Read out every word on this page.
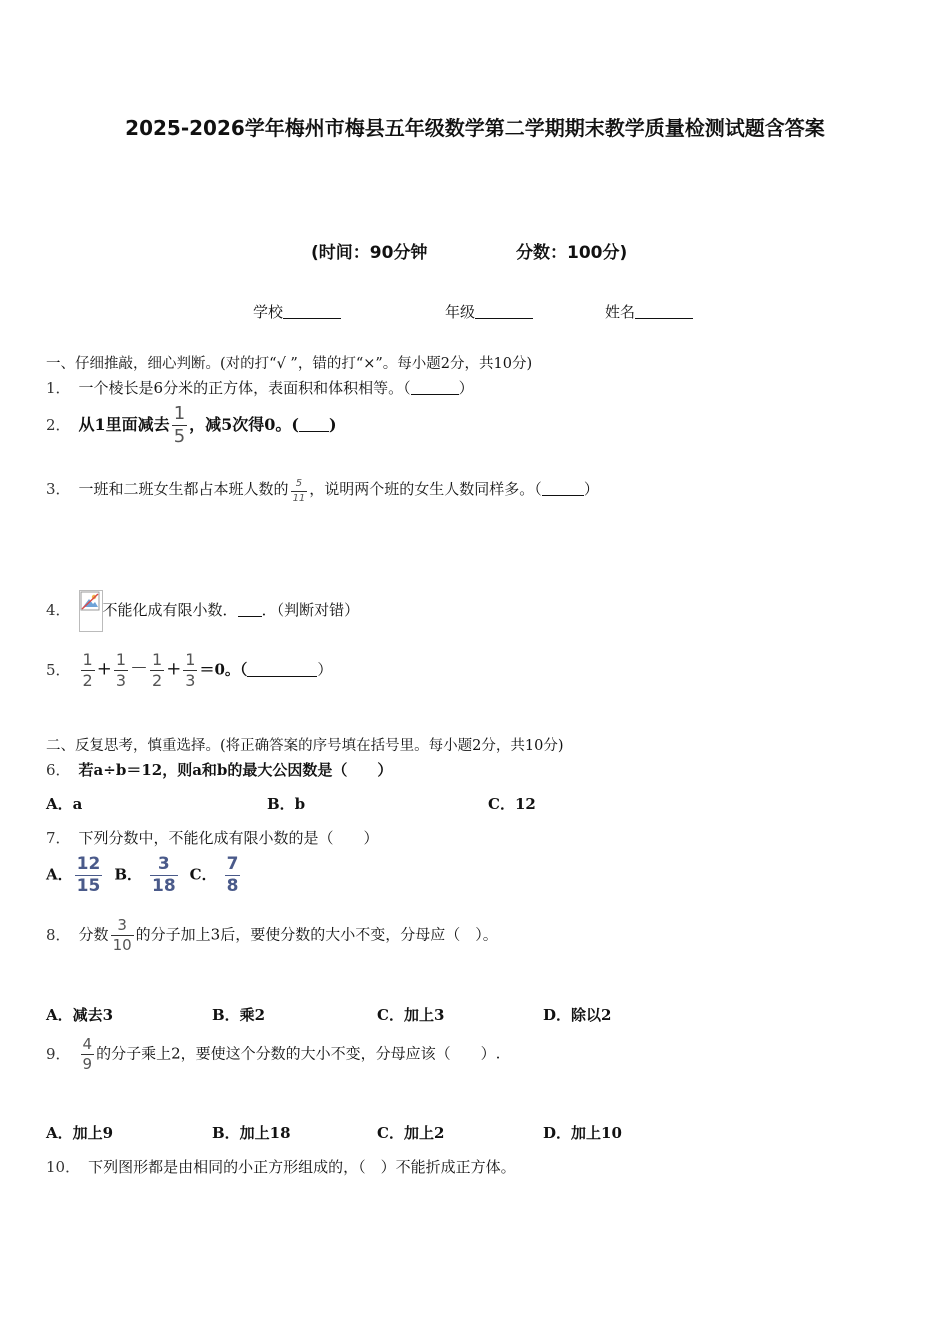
2025-2026学年梅州市梅县五年级数学第二学期期末教学质量检测试题含答案
(时间：90分钟	分数：100分)
学校	年级	姓名
一、仔细推敲，细心判断。(对的打“√ ”，错的打“×”。每小题2分，共10分)
1． 一个棱长是6分米的正方体，表面积和体积相等。（	）
2． 从1里面减去 $\frac{1}{5}$ ，减5次得0。( )
3． 一班和二班女生都占本班人数的 $\frac{5}{11}$ ，说明两个班的女生人数同样多。（	）
4． 不能化成有限小数． ．（判断对错）
5． $\frac{1}{2} + \frac{1}{3} - \frac{1}{2} + \frac{1}{3} =0$。（	）
二、反复思考，慎重选择。(将正确答案的序号填在括号里。每小题2分，共10分)
6． 若a÷b＝12，则a和b的最大公因数是（　　）
A．a	B．b	C．12
7． 下列分数中，不能化成有限小数的是（　　）
A． $\frac{12}{15}$ B． $\frac{3}{18}$ C． $\frac{7}{8}$
8． 分数 $\frac{3}{10}$ 的分子加上3后，要使分数的大小不变，分母应（　）。
A．减去3	B．乘2	C．加上3	D．除以2
9． $\frac{4}{9}$ 的分子乘上2，要使这个分数的大小不变，分母应该（　　）.
A．加上9	B．加上18	C．加上2	D．加上10
10． 下列图形都是由相同的小正方形组成的，（　）不能折成正方体。
